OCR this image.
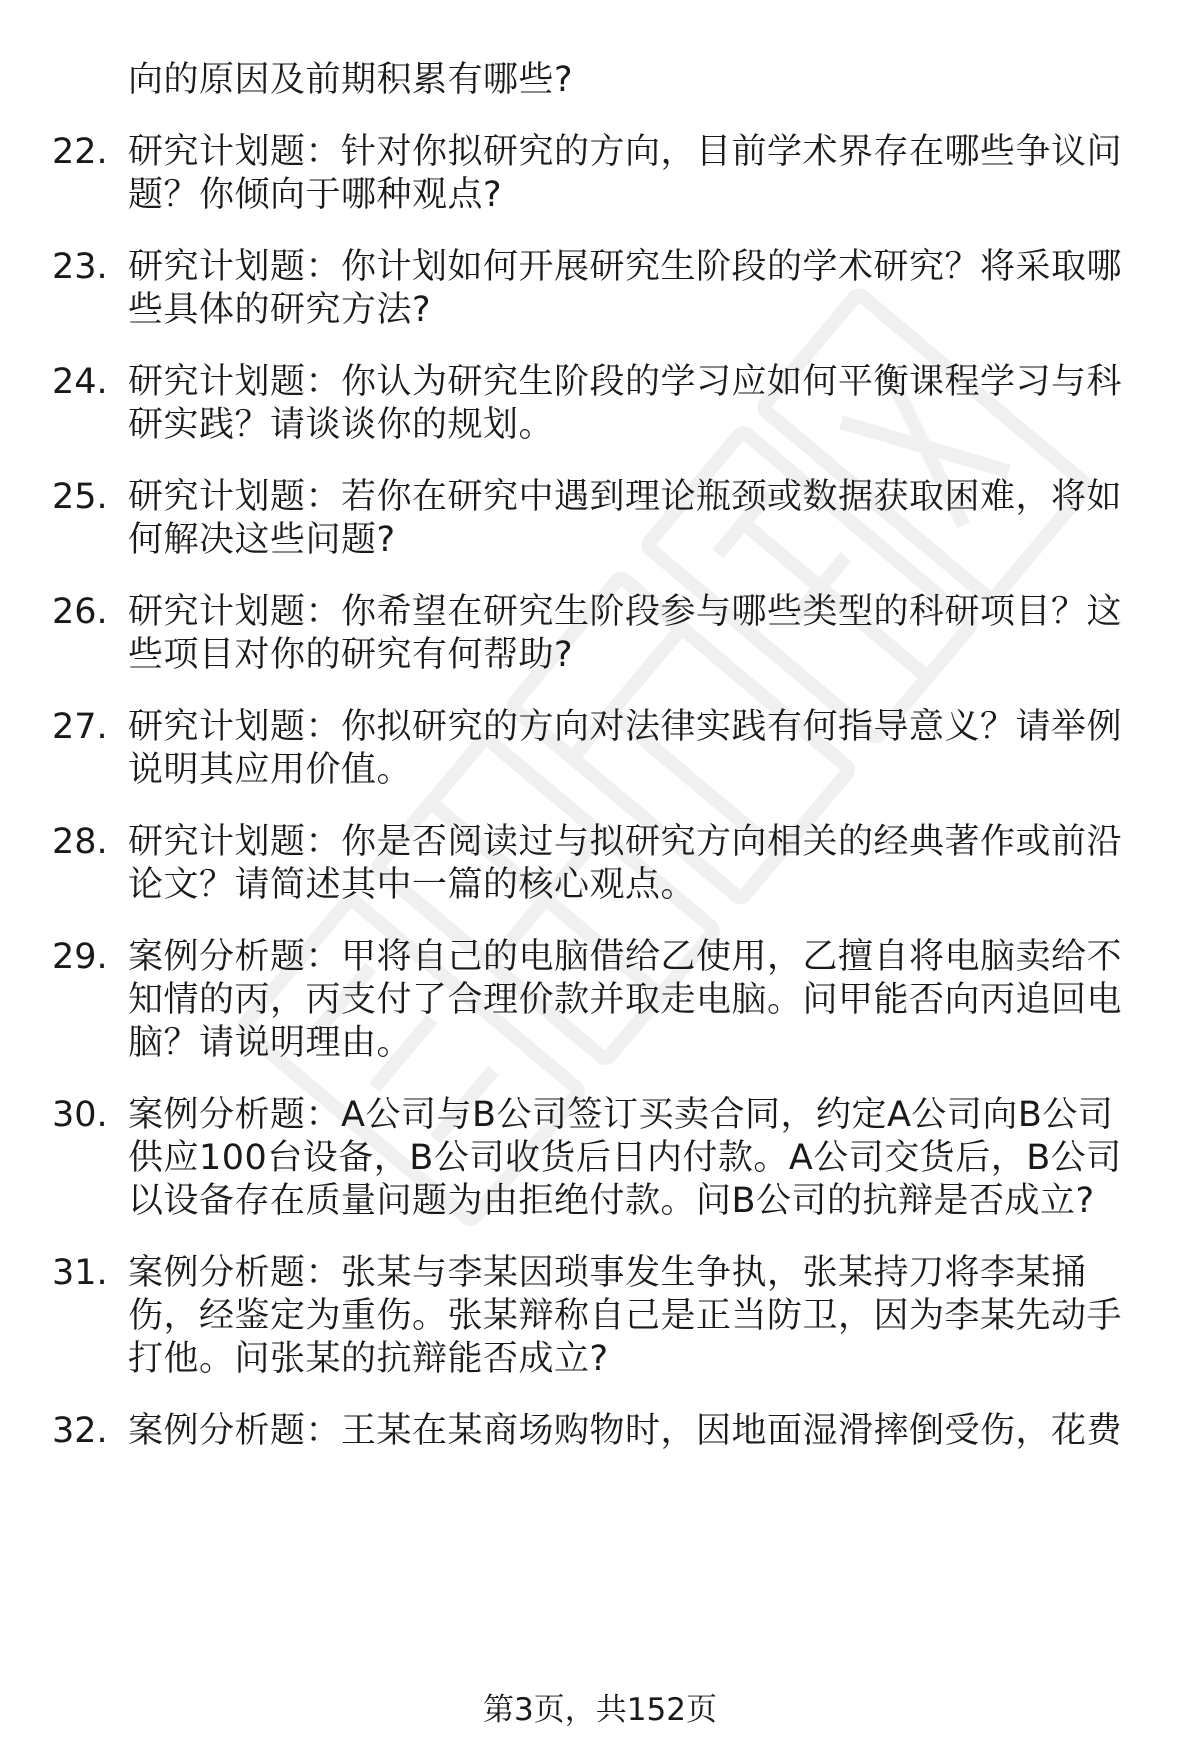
向的原因及前期积累有哪些?
22. 研究计划题：针对你拟研究的方向，目前学术界存在哪些争议问
题？你倾向于哪种观点?
23. 研究计划题：你计划如何开展研究生阶段的学术研究？将采取哪
些具体的研究方法?
24. 研究计划题：你认为研究生阶段的学习应如何平衡课程学习与科
研实践？请谈谈你的规划。
25. 研究计划题：若你在研究中遇到理论瓶颈或数据获取困难，将如
何解决这些问题?
26. 研究计划题：你希望在研究生阶段参与哪些类型的科研项目？这
些项目对你的研究有何帮助?
27. 研究计划题：你拟研究的方向对法律实践有何指导意义？请举例
说明其应用价值。
28. 研究计划题：你是否阅读过与拟研究方向相关的经典著作或前沿
论文？请简述其中一篇的核心观点。
29. 案例分析题：甲将自己的电脑借给乙使用，乙擅自将电脑卖给不
知情的丙，丙支付了合理价款并取走电脑。问甲能否向丙追回电
脑？请说明理由。
30. 案例分析题：A公司与B公司签订买卖合同，约定A公司向B公司
供应100台设备，B公司收货后日内付款。A公司交货后，B公司
以设备存在质量问题为由拒绝付款。问B公司的抗辩是否成立?
31. 案例分析题：张某与李某因琐事发生争执，张某持刀将李某捅
伤，经鉴定为重伤。张某辩称自己是正当防卫，因为李某先动手
打他。问张某的抗辩能否成立?
32. 案例分析题：王某在某商场购物时，因地面湿滑摔倒受伤，花费
第3页，共152页
